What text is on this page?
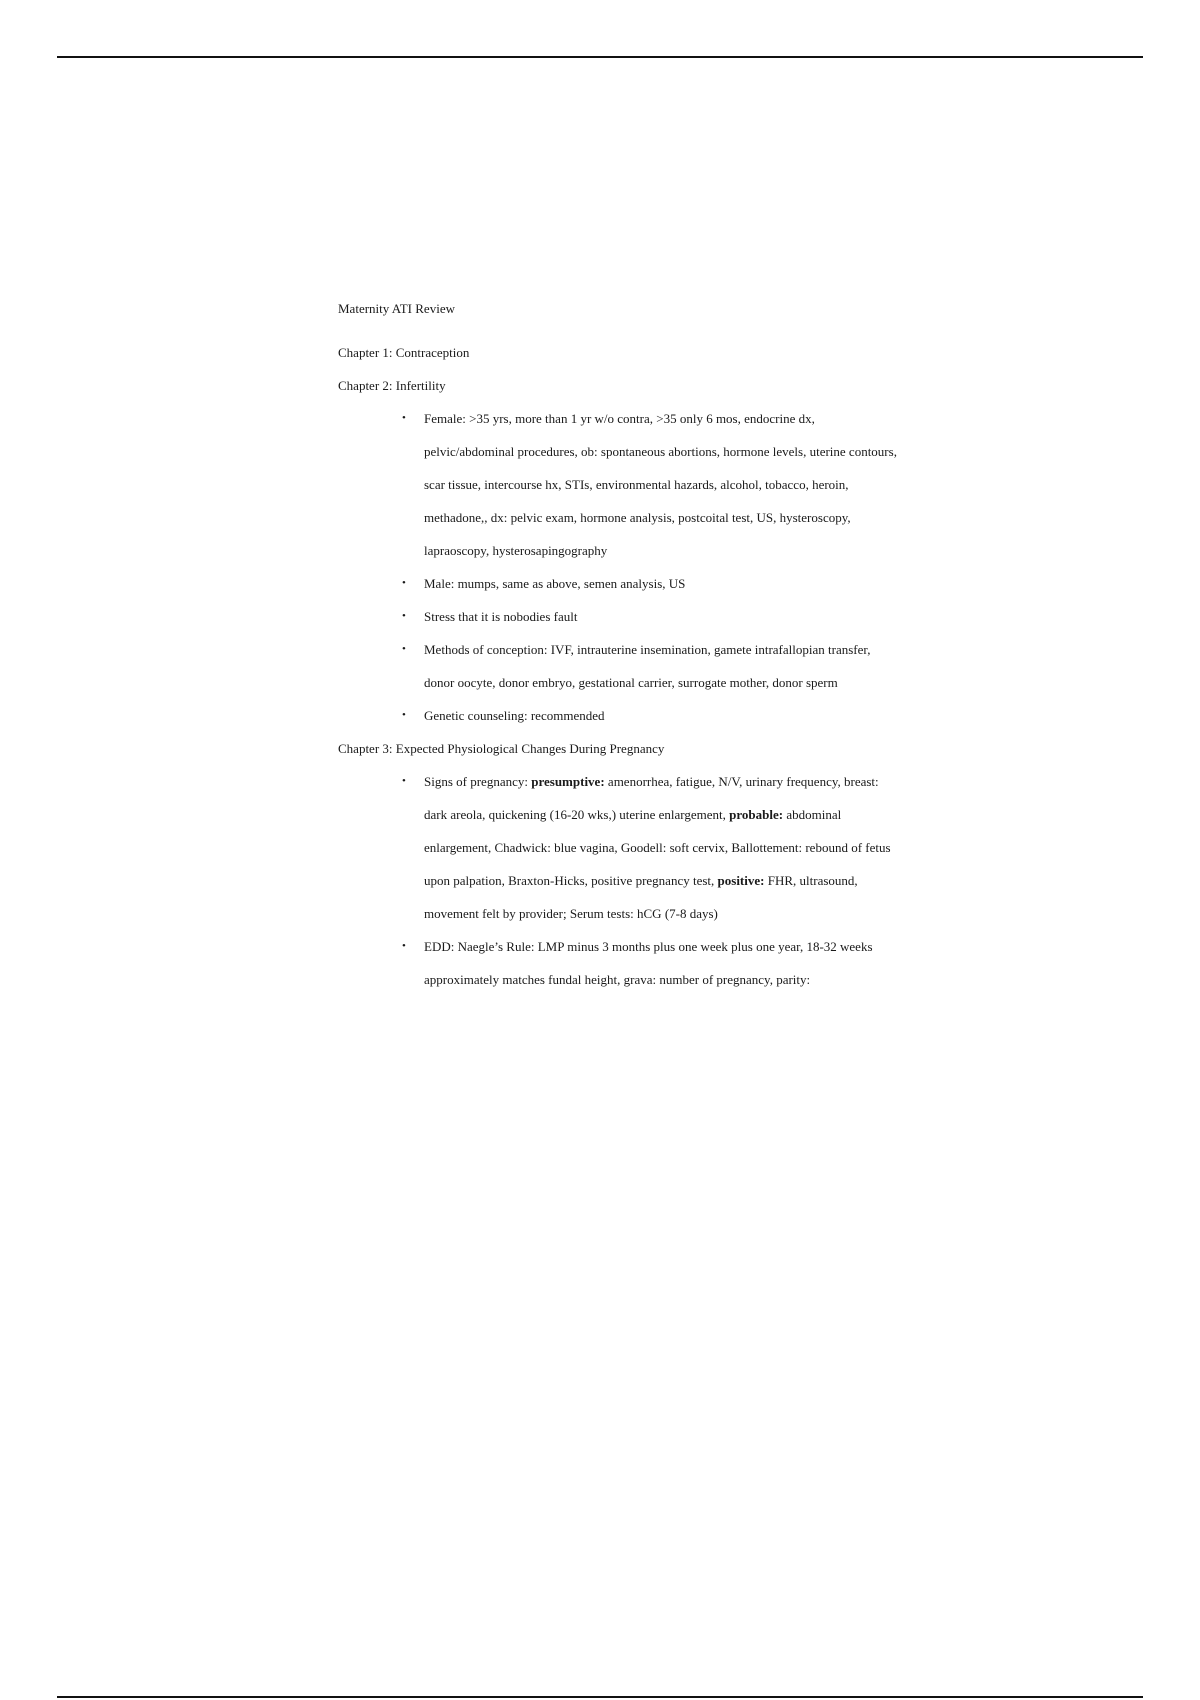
Maternity ATI Review

Chapter 1: Contraception

Chapter 2: Infertility

• Female: >35 yrs, more than 1 yr w/o contra, >35 only 6 mos, endocrine dx, pelvic/abdominal procedures, ob: spontaneous abortions, hormone levels, uterine contours, scar tissue, intercourse hx, STIs, environmental hazards, alcohol, tobacco, heroin, methadone,, dx: pelvic exam, hormone analysis, postcoital test, US, hysteroscopy, lapraoscopy, hysterosapingography
• Male: mumps, same as above, semen analysis, US
• Stress that it is nobodies fault
• Methods of conception: IVF, intrauterine insemination, gamete intrafallopian transfer, donor oocyte, donor embryo, gestational carrier, surrogate mother, donor sperm
• Genetic counseling: recommended

Chapter 3: Expected Physiological Changes During Pregnancy

• Signs of pregnancy: presumptive: amenorrhea, fatigue, N/V, urinary frequency, breast: dark areola, quickening (16-20 wks,) uterine enlargement, probable: abdominal enlargement, Chadwick: blue vagina, Goodell: soft cervix, Ballottement: rebound of fetus upon palpation, Braxton-Hicks, positive pregnancy test, positive: FHR, ultrasound, movement felt by provider; Serum tests: hCG (7-8 days)
• EDD: Naegle’s Rule: LMP minus 3 months plus one week plus one year, 18-32 weeks approximately matches fundal height, grava: number of pregnancy, parity:
